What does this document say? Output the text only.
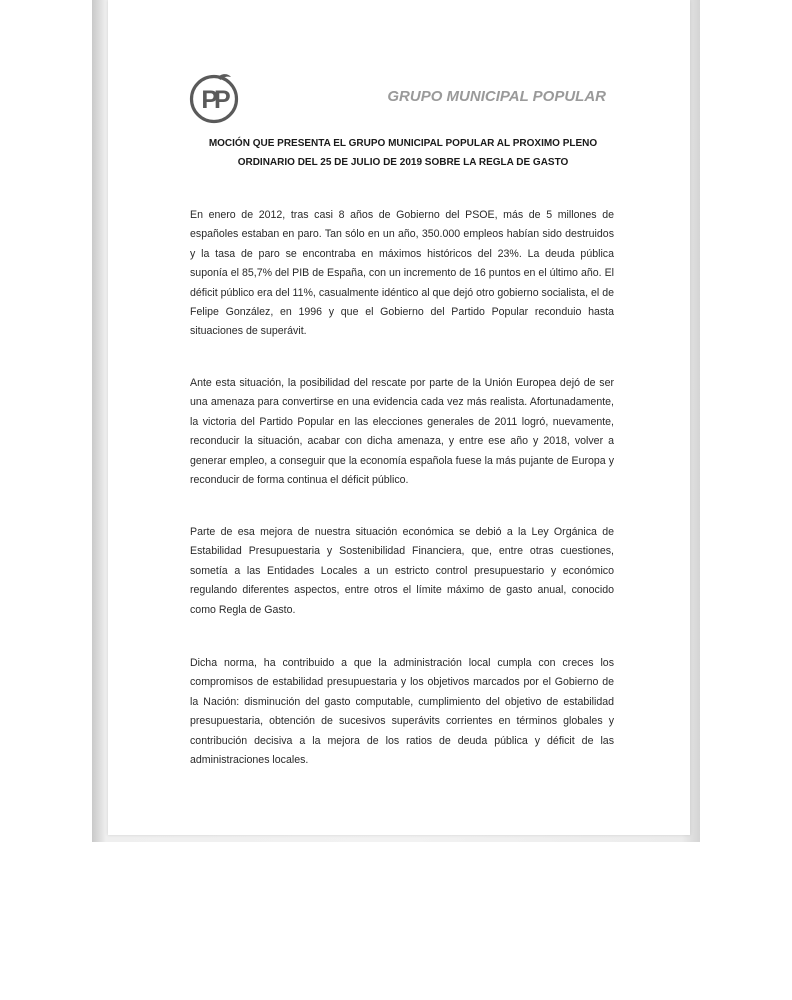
PP	GRUPO MUNICIPAL POPULAR
MOCIÓN QUE PRESENTA EL GRUPO MUNICIPAL POPULAR AL PROXIMO PLENO
ORDINARIO DEL 25 DE JULIO DE 2019 SOBRE LA REGLA DE GASTO

En enero de 2012, tras casi 8 años de Gobierno del PSOE, más de 5 millones de españoles estaban en paro. Tan sólo en un año, 350.000 empleos habían sido destruidos y la tasa de paro se encontraba en máximos históricos del 23%. La deuda pública suponía el 85,7% del PIB de España, con un incremento de 16 puntos en el último año. El déficit público era del 11%, casualmente idéntico al que dejó otro gobierno socialista, el de Felipe González, en 1996 y que el Gobierno del Partido Popular reconduio hasta situaciones de superávit.

Ante esta situación, la posibilidad del rescate por parte de la Unión Europea dejó de ser una amenaza para convertirse en una evidencia cada vez más realista. Afortunadamente, la victoria del Partido Popular en las elecciones generales de 2011 logró, nuevamente, reconducir la situación, acabar con dicha amenaza, y entre ese año y 2018, volver a generar empleo, a conseguir que la economía española fuese la más pujante de Europa y reconducir de forma continua el déficit público.

Parte de esa mejora de nuestra situación económica se debió a la Ley Orgánica de Estabilidad Presupuestaria y Sostenibilidad Financiera, que, entre otras cuestiones, sometía a las Entidades Locales a un estricto control presupuestario y económico regulando diferentes aspectos, entre otros el límite máximo de gasto anual, conocido como Regla de Gasto.

Dicha norma, ha contribuido a que la administración local cumpla con creces los compromisos de estabilidad presupuestaria y los objetivos marcados por el Gobierno de la Nación: disminución del gasto computable, cumplimiento del objetivo de estabilidad presupuestaria, obtención de sucesivos superávits corrientes en términos globales y contribución decisiva a la mejora de los ratios de deuda pública y déficit de las administraciones locales.
